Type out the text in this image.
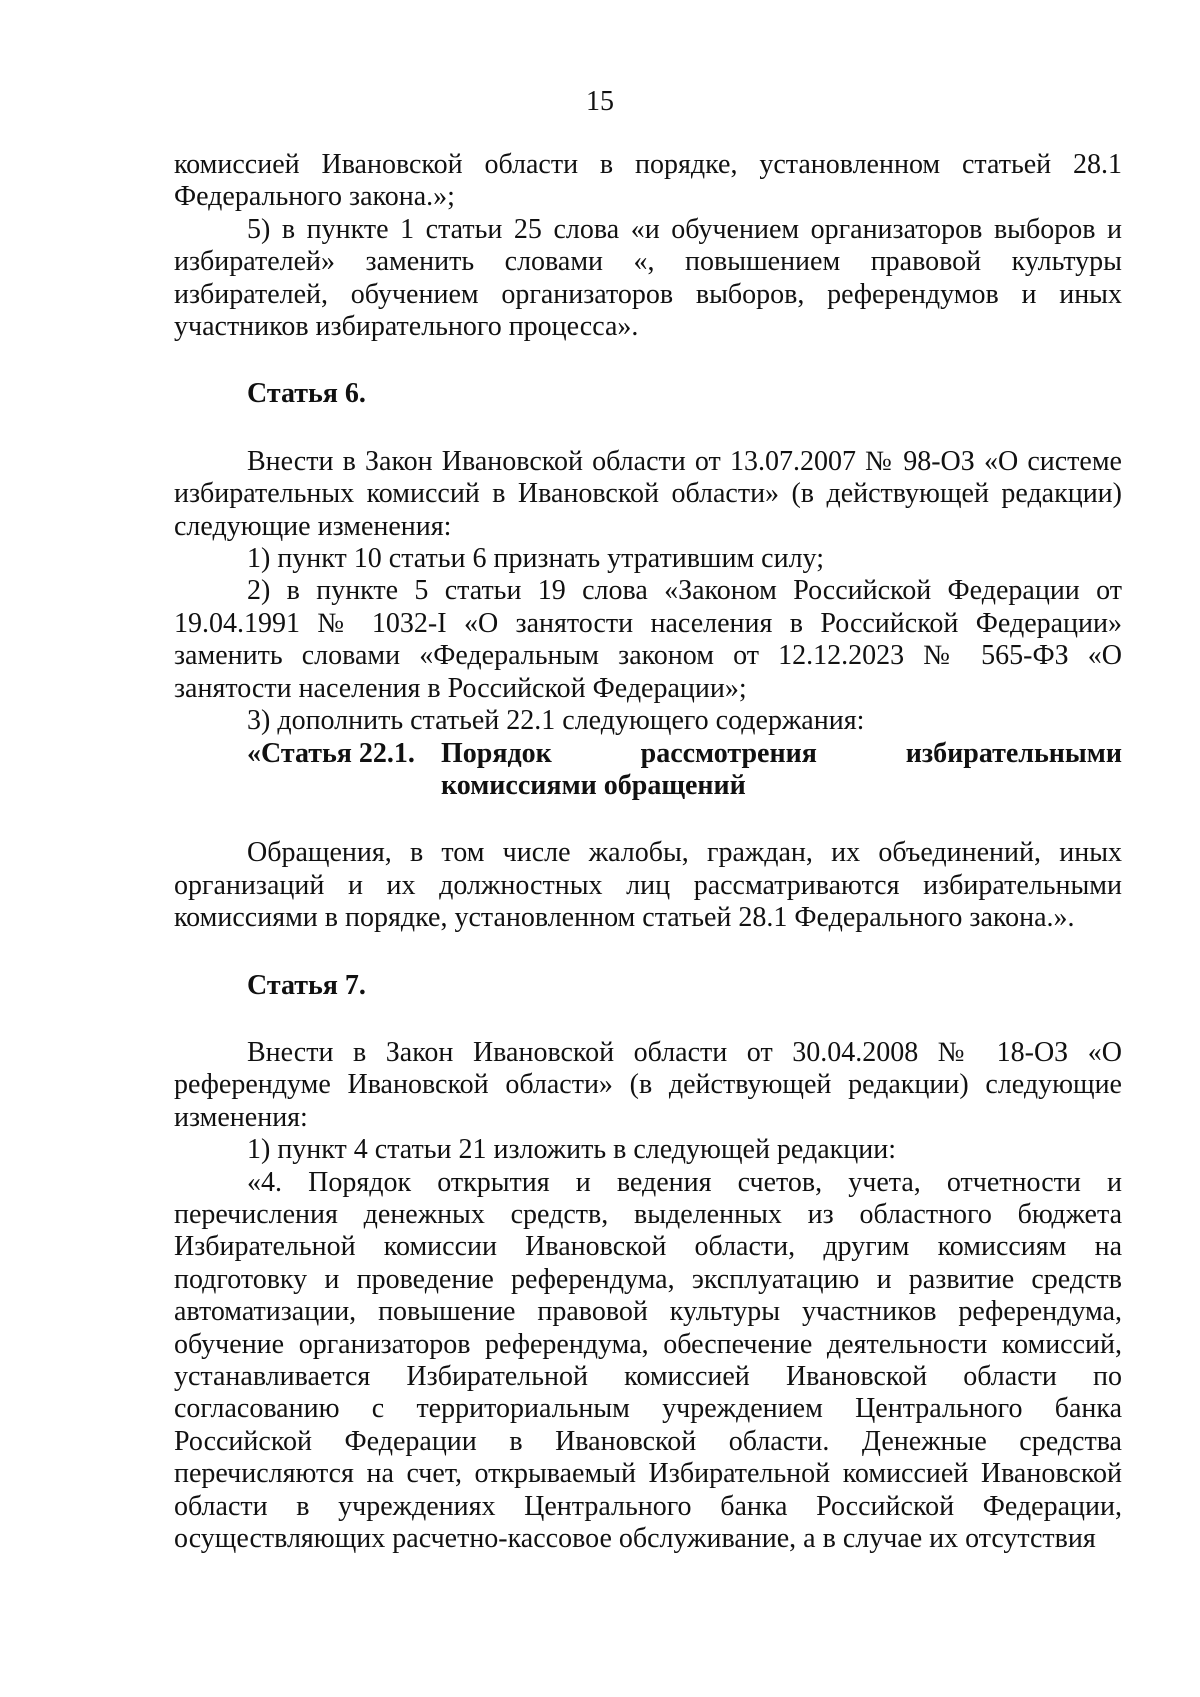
15

комиссией Ивановской области в порядке, установленном статьей 28.1 Федерального закона.»;

5) в пункте 1 статьи 25 слова «и обучением организаторов выборов и избирателей» заменить словами «, повышением правовой культуры избирателей, обучением организаторов выборов, референдумов и иных участников избирательного процесса».

Статья 6.

Внести в Закон Ивановской области от 13.07.2007 № 98-ОЗ «О системе избирательных комиссий в Ивановской области» (в действующей редакции) следующие изменения:

1) пункт 10 статьи 6 признать утратившим силу;

2) в пункте 5 статьи 19 слова «Законом Российской Федерации от 19.04.1991 № 1032-I «О занятости населения в Российской Федерации» заменить словами «Федеральным законом от 12.12.2023 № 565-ФЗ «О занятости населения в Российской Федерации»;

3) дополнить статьей 22.1 следующего содержания:

«Статья 22.1. Порядок рассмотрения избирательными
комиссиями обращений

Обращения, в том числе жалобы, граждан, их объединений, иных организаций и их должностных лиц рассматриваются избирательными комиссиями в порядке, установленном статьей 28.1 Федерального закона.».

Статья 7.

Внести в Закон Ивановской области от 30.04.2008 № 18-ОЗ «О референдуме Ивановской области» (в действующей редакции) следующие изменения:

1) пункт 4 статьи 21 изложить в следующей редакции:

«4. Порядок открытия и ведения счетов, учета, отчетности и перечисления денежных средств, выделенных из областного бюджета Избирательной комиссии Ивановской области, другим комиссиям на подготовку и проведение референдума, эксплуатацию и развитие средств автоматизации, повышение правовой культуры участников референдума, обучение организаторов референдума, обеспечение деятельности комиссий, устанавливается Избирательной комиссией Ивановской области по согласованию с территориальным учреждением Центрального банка Российской Федерации в Ивановской области. Денежные средства перечисляются на счет, открываемый Избирательной комиссией Ивановской области в учреждениях Центрального банка Российской Федерации, осуществляющих расчетно-кассовое обслуживание, а в случае их отсутствия
